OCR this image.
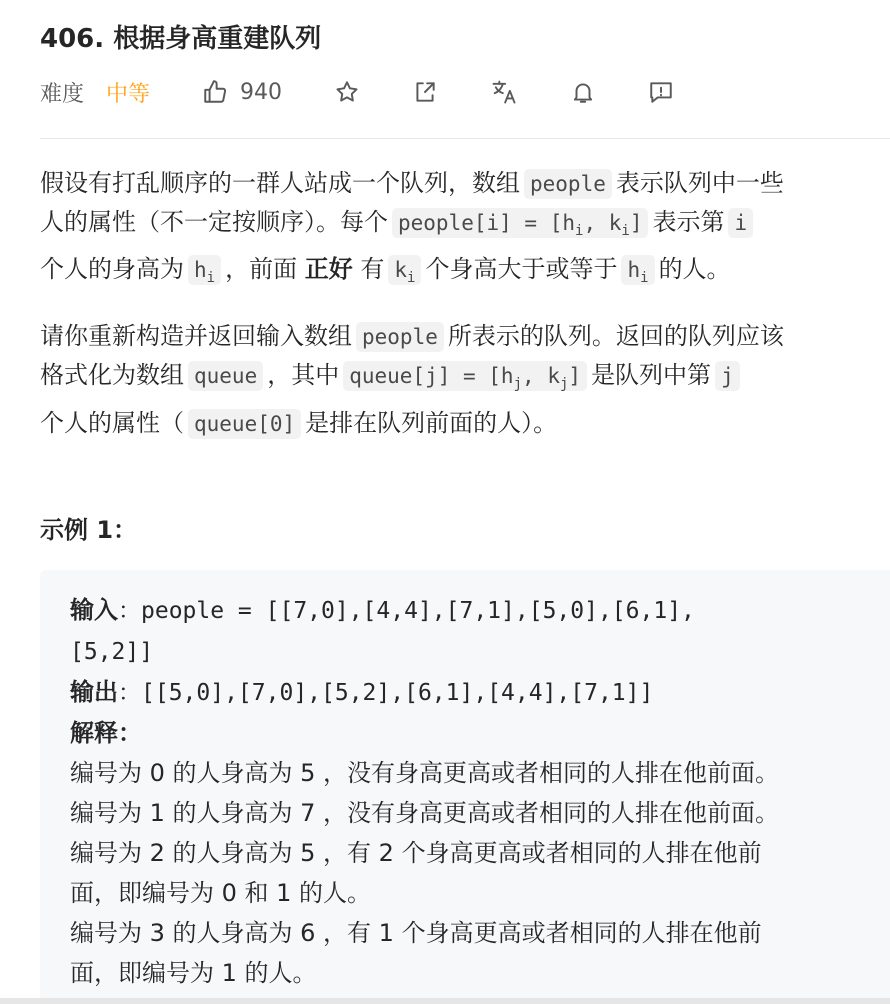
406. 根据身高重建队列
难度 中等	940

假设有打乱顺序的一群人站成一个队列，数组 people 表示队列中一些
人的属性（不一定按顺序）。每个 people[i] = [$h_i$, $k_i$] 表示第 i
个人的身高为 $h_i$ ，前面 正好 有 $k_i$ 个身高大于或等于 $h_i$ 的人。

请你重新构造并返回输入数组 people 所表示的队列。返回的队列应该
格式化为数组 queue ，其中 queue[j] = [$h_j$, $k_j$] 是队列中第 j
个人的属性（ queue[0] 是排在队列前面的人）。

示例 1：
输入：people = [[7,0],[4,4],[7,1],[5,0],[6,1],
[5,2]]
输出：[[5,0],[7,0],[5,2],[6,1],[4,4],[7,1]]
解释：
编号为 0 的人身高为 5 ，没有身高更高或者相同的人排在他前面。
编号为 1 的人身高为 7 ，没有身高更高或者相同的人排在他前面。
编号为 2 的人身高为 5 ，有 2 个身高更高或者相同的人排在他前
面，即编号为 0 和 1 的人。
编号为 3 的人身高为 6 ，有 1 个身高更高或者相同的人排在他前
面，即编号为 1 的人。
